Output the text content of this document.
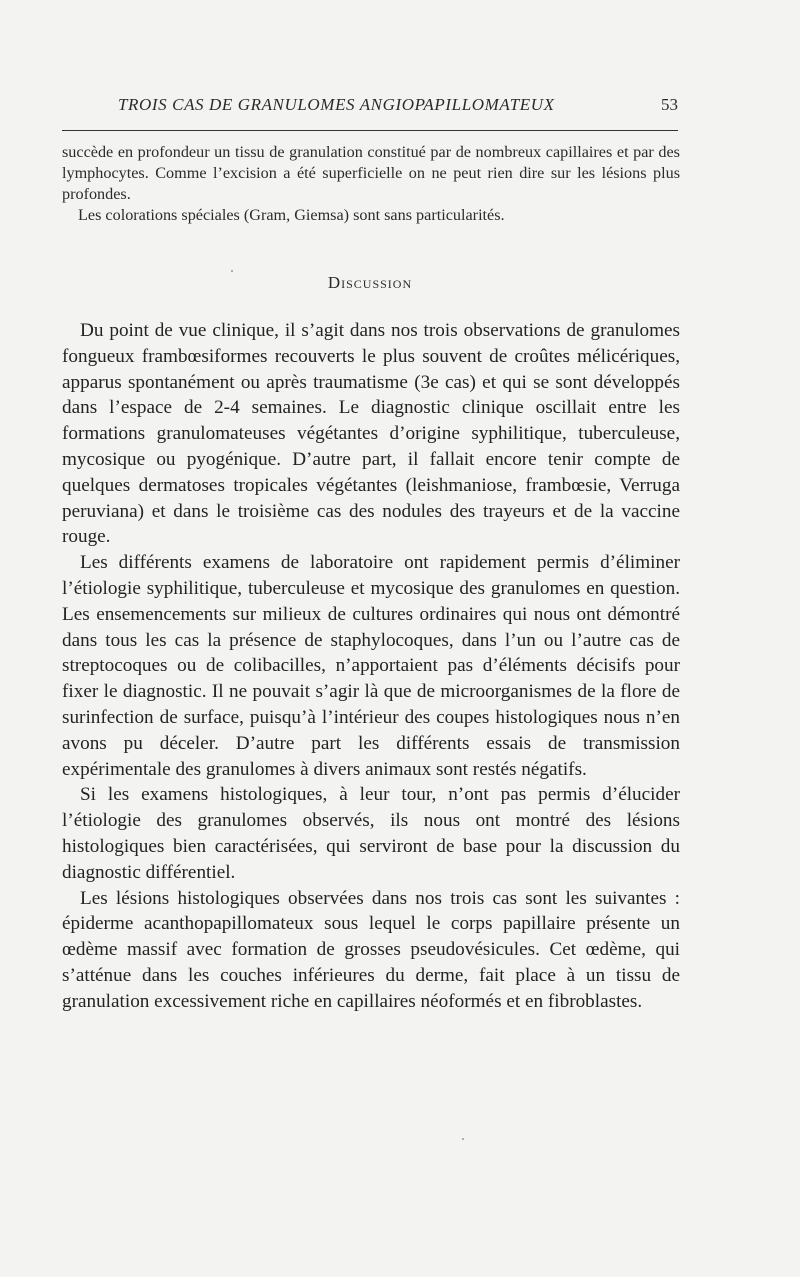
TROIS CAS DE GRANULOMES ANGIOPAPILLOMATEUX	53

succède en profondeur un tissu de granulation constitué par de nombreux capillaires et par des lymphocytes. Comme l’excision a été superficielle on ne peut rien dire sur les lésions plus profondes.

Les colorations spéciales (Gram, Giemsa) sont sans particularités.

Discussion

Du point de vue clinique, il s’agit dans nos trois observations de granulomes fongueux frambœsiformes recouverts le plus souvent de croûtes mélicériques, apparus spontanément ou après traumatisme (3e cas) et qui se sont développés dans l’espace de 2-4 semaines. Le diagnostic clinique oscillait entre les formations granulomateuses végétantes d’origine syphilitique, tuberculeuse, mycosique ou pyogénique. D’autre part, il fallait encore tenir compte de quelques dermatoses tropicales végétantes (leishmaniose, frambœsie, Verruga peruviana) et dans le troisième cas des nodules des trayeurs et de la vaccine rouge.

Les différents examens de laboratoire ont rapidement permis d’éliminer l’étiologie syphilitique, tuberculeuse et mycosique des granulomes en question. Les ensemencements sur milieux de cultures ordinaires qui nous ont démontré dans tous les cas la présence de staphylocoques, dans l’un ou l’autre cas de streptocoques ou de colibacilles, n’apportaient pas d’éléments décisifs pour fixer le diagnostic. Il ne pouvait s’agir là que de microorganismes de la flore de surinfection de surface, puisqu’à l’intérieur des coupes histologiques nous n’en avons pu déceler. D’autre part les différents essais de transmission expérimentale des granulomes à divers animaux sont restés négatifs.

Si les examens histologiques, à leur tour, n’ont pas permis d’élucider l’étiologie des granulomes observés, ils nous ont montré des lésions histologiques bien caractérisées, qui serviront de base pour la discussion du diagnostic différentiel.

Les lésions histologiques observées dans nos trois cas sont les suivantes : épiderme acanthopapillomateux sous lequel le corps papillaire présente un œdème massif avec formation de grosses pseudovésicules. Cet œdème, qui s’atténue dans les couches inférieures du derme, fait place à un tissu de granulation excessivement riche en capillaires néoformés et en fibroblastes.
